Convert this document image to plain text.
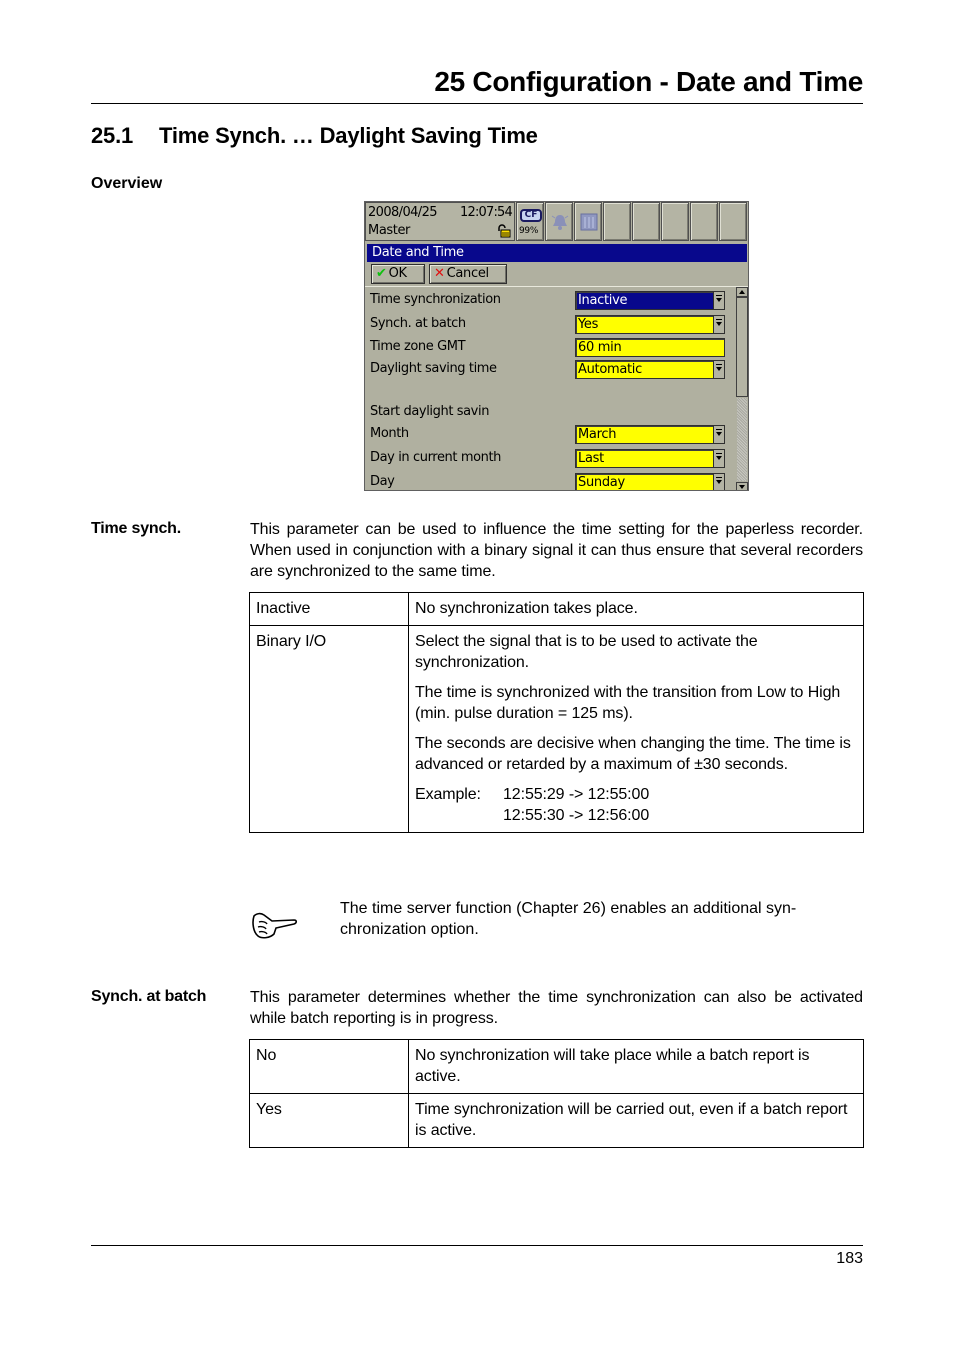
25 Configuration - Date and Time
25.1 Time Synch. … Daylight Saving Time
Overview
2008/04/25 12:07:54
Master
CF
99%
Date and Time
✔ OK	✕ Cancel
Time synchronization	Inactive
Synch. at batch	Yes
Time zone GMT	60 min
Daylight saving time	Automatic
Start daylight savin
Month	March
Day in current month	Last
Day	Sunday
Time synch.	This parameter can be used to influence the time setting for the paperless recorder. When used in conjunction with a binary signal it can thus ensure that several recorders are synchronized to the same time.
Inactive	No synchronization takes place.

Binary I/O	Select the signal that is to be used to activate the synchronization.

The time is synchronized with the transition from Low to High (min. pulse duration = 125 ms).

The seconds are decisive when changing the time. The time is advanced or retarded by a maximum of ±30 seconds.

Example:	12:55:29 -> 12:55:00
12:55:30 -> 12:56:00
The time server function (Chapter 26) enables an additional syn-chronization option.
Synch. at batch	This parameter determines whether the time synchronization can also be activated while batch reporting is in progress.
No	No synchronization will take place while a batch report is active.
Yes	Time synchronization will be carried out, even if a batch report is active.
183
